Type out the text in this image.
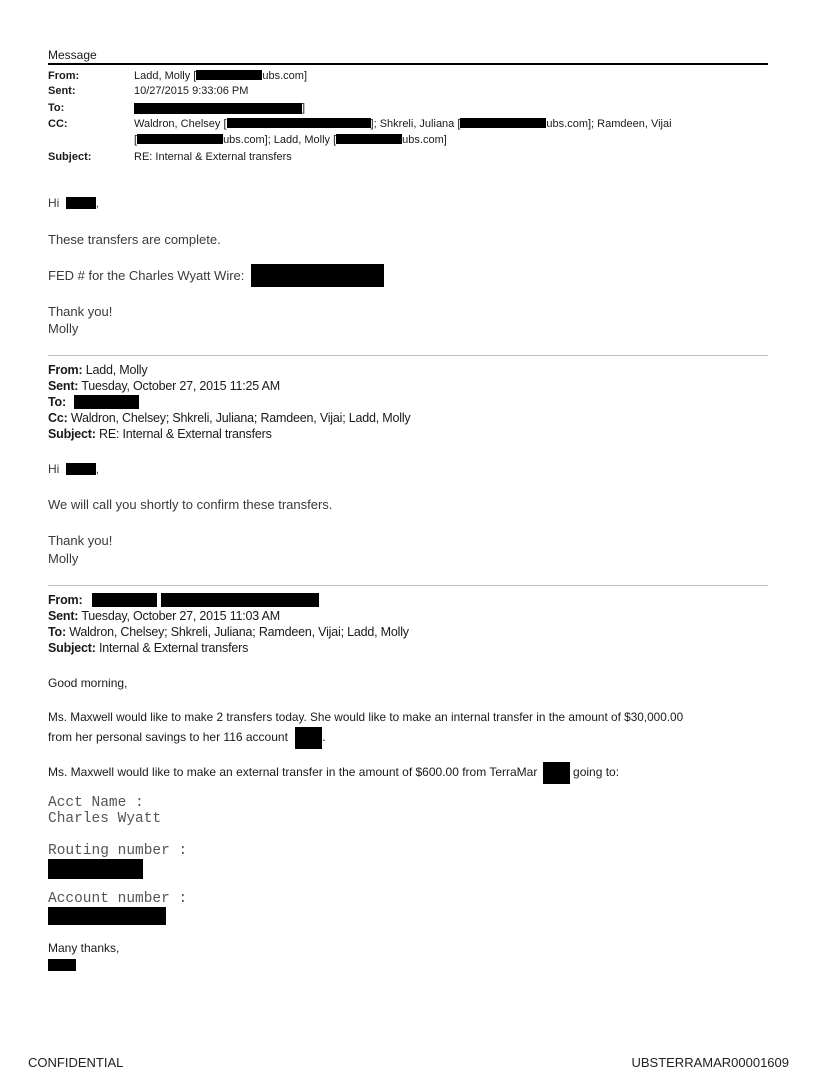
Message
From:	Ladd, Molly [	ubs.com]
Sent:	10/27/2015 9:33:06 PM
To:	]
CC:	Waldron, Chelsey [	]; Shkreli, Juliana [	ubs.com]; Ramdeen, Vijai
[	ubs.com]; Ladd, Molly [	ubs.com]
Subject:	RE: Internal & External transfers
Hi	,
These transfers are complete.
FED # for the Charles Wyatt Wire:
Thank you!
Molly
From: Ladd, Molly
Sent: Tuesday, October 27, 2015 11:25 AM
To:
Cc: Waldron, Chelsey; Shkreli, Juliana; Ramdeen, Vijai; Ladd, Molly
Subject: RE: Internal & External transfers
Hi	,
We will call you shortly to confirm these transfers.
Thank you!
Molly
From:
Sent: Tuesday, October 27, 2015 11:03 AM
To: Waldron, Chelsey; Shkreli, Juliana; Ramdeen, Vijai; Ladd, Molly
Subject: Internal & External transfers
Good morning,
Ms. Maxwell would like to make 2 transfers today. She would like to make an internal transfer in the amount of $30,000.00
from her personal savings to her 116 account	.
Ms. Maxwell would like to make an external transfer in the amount of $600.00 from TerraMar	going to:
Acct Name :
Charles Wyatt
Routing number :
Account number :
Many thanks,
CONFIDENTIAL	UBSTERRAMAR00001609
